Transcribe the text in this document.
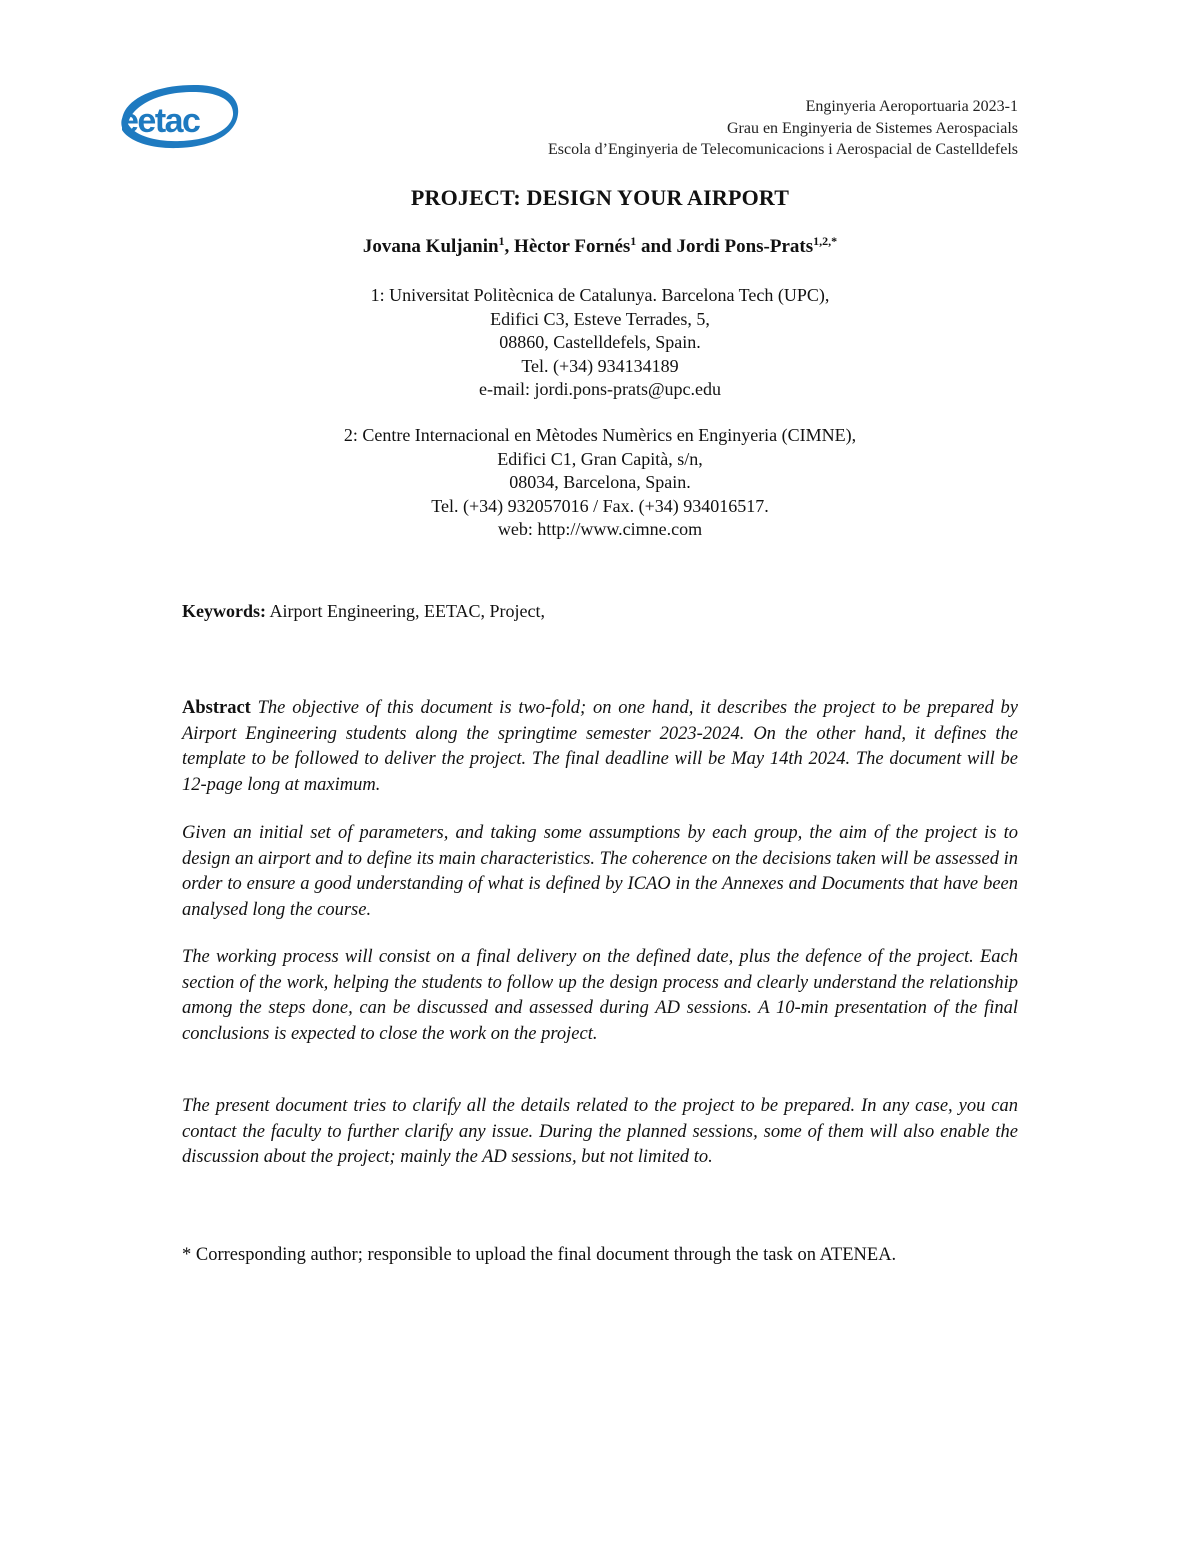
eetac	Enginyeria Aeroportuaria 2023-1
Grau en Enginyeria de Sistemes Aerospacials
Escola d’Enginyeria de Telecomunicacions i Aerospacial de Castelldefels
PROJECT: DESIGN YOUR AIRPORT
Jovana Kuljanin$^1$, Hèctor Fornés$^1$ and Jordi Pons-Prats$^{1,2,*}$
1: Universitat Politècnica de Catalunya. Barcelona Tech (UPC),
Edifici C3, Esteve Terrades, 5,
08860, Castelldefels, Spain.
Tel. (+34) 934134189
e-mail: jordi.pons-prats@upc.edu
2: Centre Internacional en Mètodes Numèrics en Enginyeria (CIMNE),
Edifici C1, Gran Capità, s/n,
08034, Barcelona, Spain.
Tel. (+34) 932057016 / Fax. (+34) 934016517.
web: http://www.cimne.com
Keywords: Airport Engineering, EETAC, Project,

Abstract The objective of this document is two-fold; on one hand, it describes the project to be prepared by Airport Engineering students along the springtime semester 2023-2024. On the other hand, it defines the template to be followed to deliver the project. The final deadline will be May 14th 2024. The document will be 12-page long at maximum.

Given an initial set of parameters, and taking some assumptions by each group, the aim of the project is to design an airport and to define its main characteristics. The coherence on the decisions taken will be assessed in order to ensure a good understanding of what is defined by ICAO in the Annexes and Documents that have been analysed long the course.

The working process will consist on a final delivery on the defined date, plus the defence of the project. Each section of the work, helping the students to follow up the design process and clearly understand the relationship among the steps done, can be discussed and assessed during AD sessions. A 10-min presentation of the final conclusions is expected to close the work on the project.

The present document tries to clarify all the details related to the project to be prepared. In any case, you can contact the faculty to further clarify any issue. During the planned sessions, some of them will also enable the discussion about the project; mainly the AD sessions, but not limited to.

* Corresponding author; responsible to upload the final document through the task on ATENEA.
